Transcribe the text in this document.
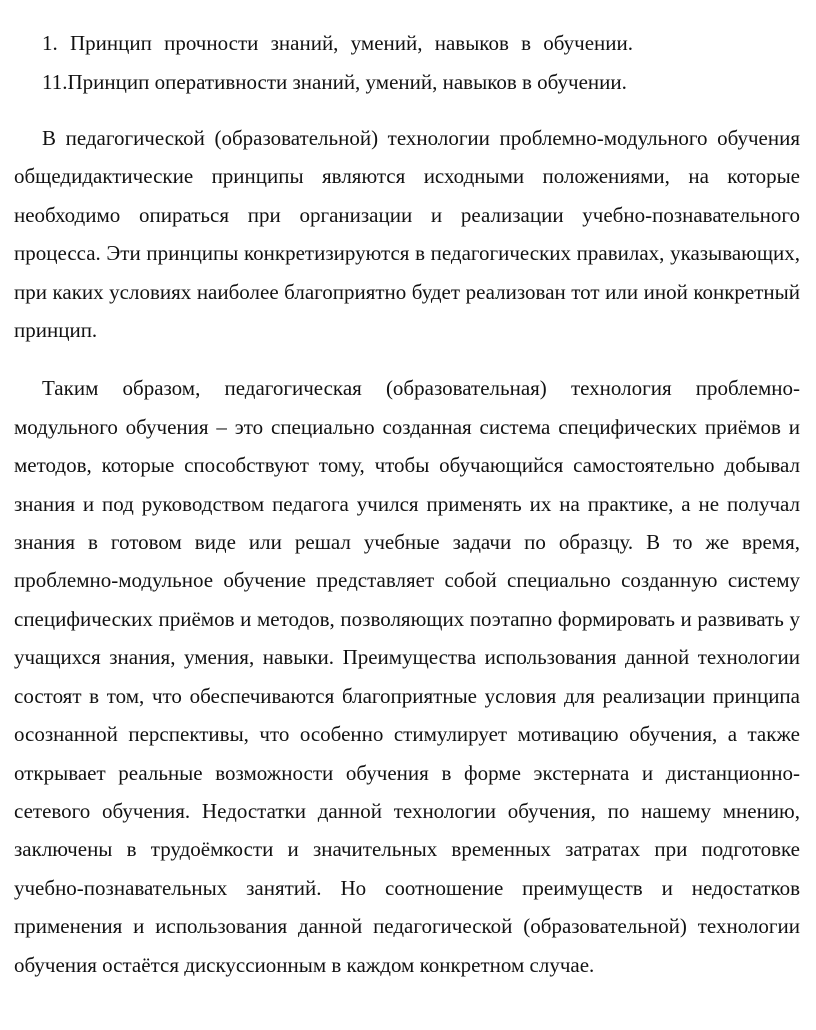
1. Принцип прочности знаний, умений, навыков в обучении.
11.Принцип оперативности знаний, умений, навыков в обучении.

В педагогической (образовательной) технологии проблемно-модульного обучения общедидактические принципы являются исходными положениями, на которые необходимо опираться при организации и реализации учебно-познавательного процесса. Эти принципы конкретизируются в педагогических правилах, указывающих, при каких условиях наиболее благоприятно будет реализован тот или иной конкретный принцип.

Таким образом, педагогическая (образовательная) технология проблемно-модульного обучения – это специально созданная система специфических приёмов и методов, которые способствуют тому, чтобы обучающийся самостоятельно добывал знания и под руководством педагога учился применять их на практике, а не получал знания в готовом виде или решал учебные задачи по образцу. В то же время, проблемно-модульное обучение представляет собой специально созданную систему специфических приёмов и методов, позволяющих поэтапно формировать и развивать у учащихся знания, умения, навыки. Преимущества использования данной технологии состоят в том, что обеспечиваются благоприятные условия для реализации принципа осознанной перспективы, что особенно стимулирует мотивацию обучения, а также открывает реальные возможности обучения в форме экстерната и дистанционно-сетевого обучения. Недостатки данной технологии обучения, по нашему мнению, заключены в трудоёмкости и значительных временных затратах при подготовке учебно-познавательных занятий. Но соотношение преимуществ и недостатков применения и использования данной педагогической (образовательной) технологии обучения остаётся дискуссионным в каждом конкретном случае.
